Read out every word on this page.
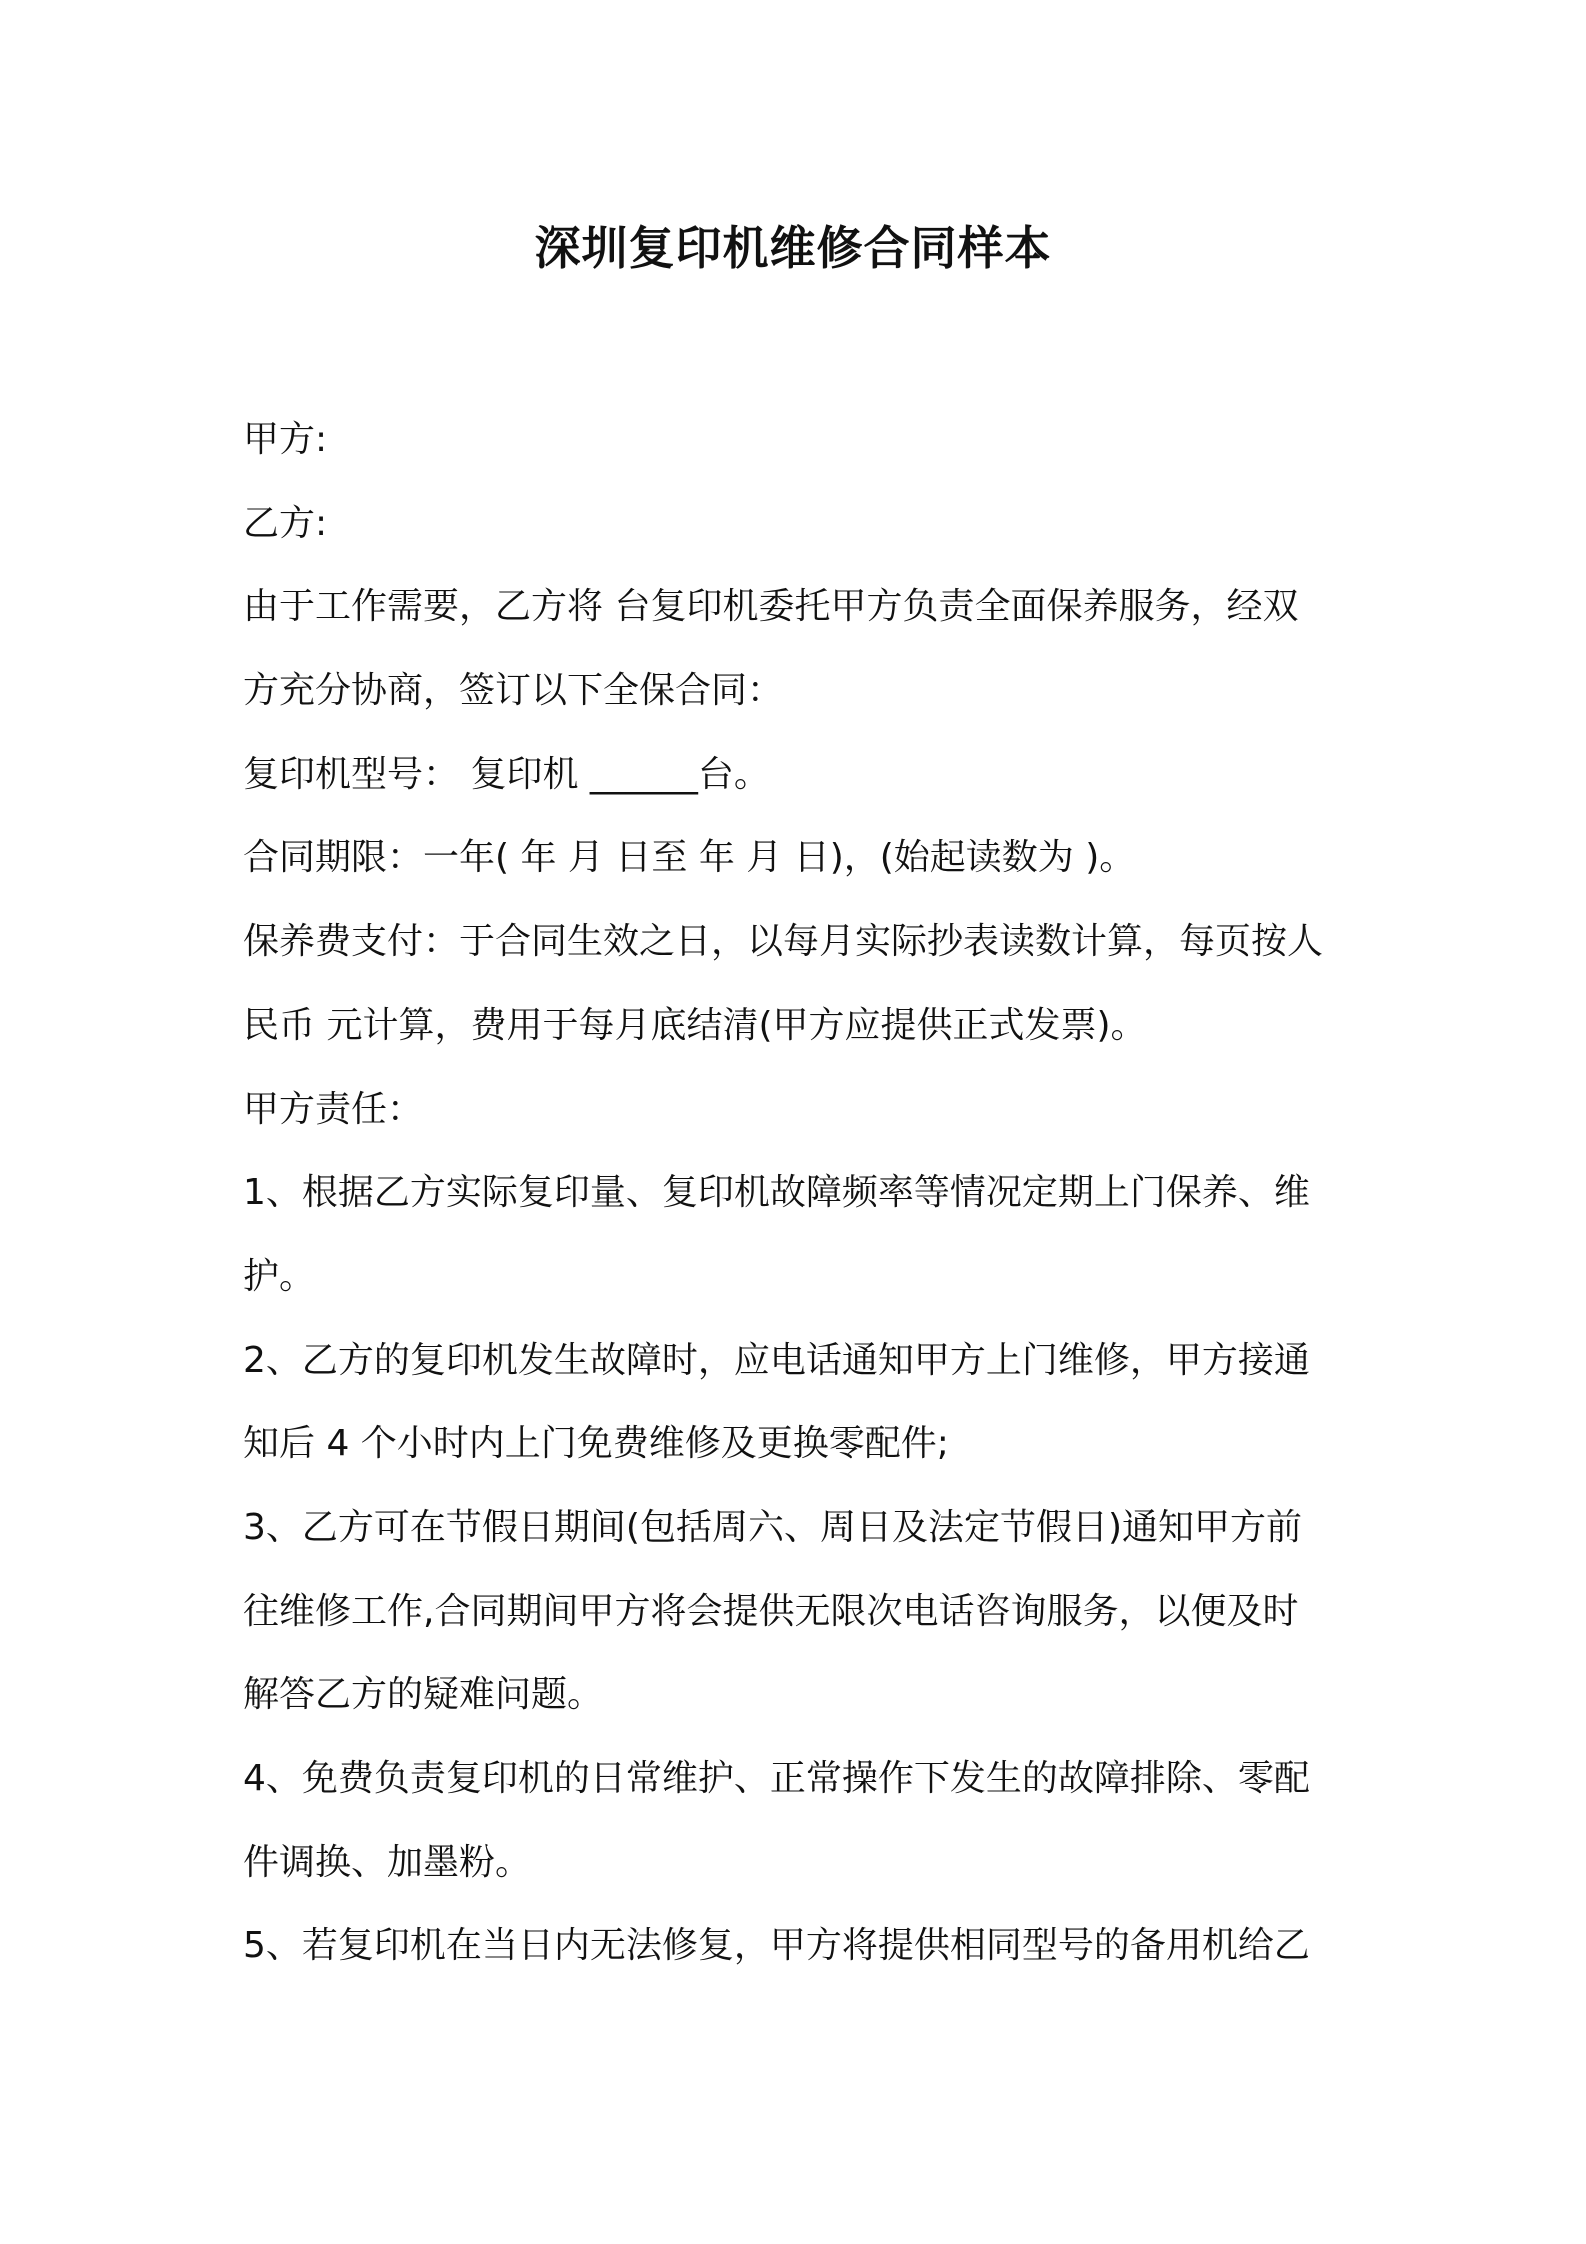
深圳复印机维修合同样本
甲方:
乙方:
由于工作需要，乙方将 台复印机委托甲方负责全面保养服务，经双
方充分协商，签订以下全保合同：
复印机型号： 复印机 ______台。
合同期限：一年( 年 月 日至 年 月 日)，(始起读数为 )。
保养费支付：于合同生效之日，以每月实际抄表读数计算，每页按人
民币 元计算，费用于每月底结清(甲方应提供正式发票)。
甲方责任：
1、根据乙方实际复印量、复印机故障频率等情况定期上门保养、维
护。
2、乙方的复印机发生故障时，应电话通知甲方上门维修，甲方接通
知后 4 个小时内上门免费维修及更换零配件;
3、乙方可在节假日期间(包括周六、周日及法定节假日)通知甲方前
往维修工作,合同期间甲方将会提供无限次电话咨询服务，以便及时
解答乙方的疑难问题。
4、免费负责复印机的日常维护、正常操作下发生的故障排除、零配
件调换、加墨粉。
5、若复印机在当日内无法修复，甲方将提供相同型号的备用机给乙
